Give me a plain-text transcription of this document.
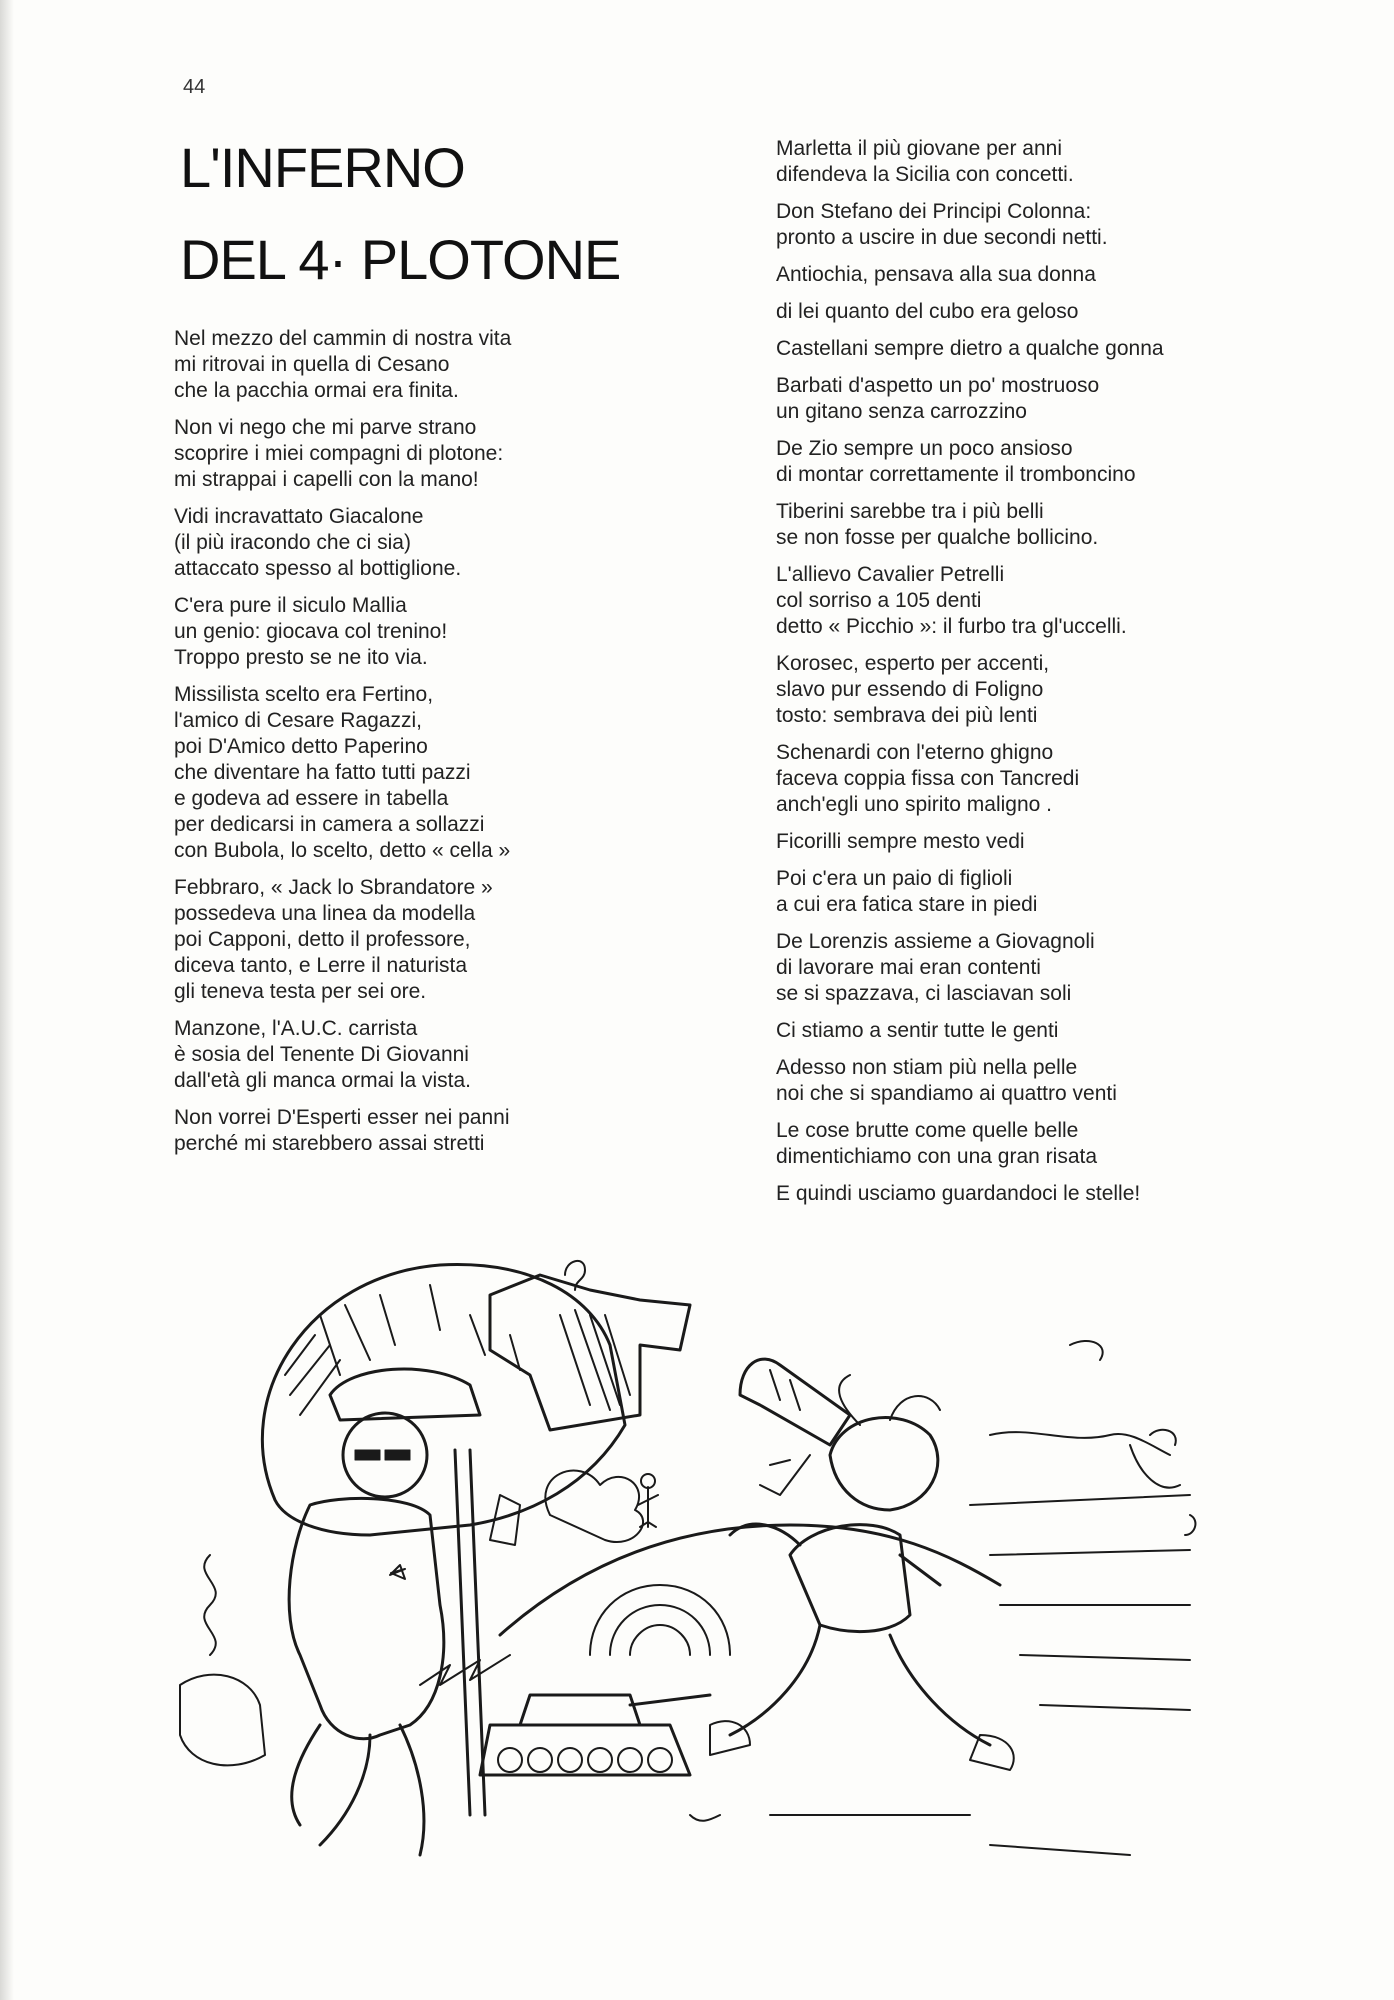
44
L'INFERNO
DEL 4· PLOTONE

Nel mezzo del cammin di nostra vita
mi ritrovai in quella di Cesano
che la pacchia ormai era finita.

Non vi nego che mi parve strano
scoprire i miei compagni di plotone:
mi strappai i capelli con la mano!

Vidi incravattato Giacalone
(il più iracondo che ci sia)
attaccato spesso al bottiglione.

C'era pure il siculo Mallia
un genio: giocava col trenino!
Troppo presto se ne ito via.

Missilista scelto era Fertino,
l'amico di Cesare Ragazzi,
poi D'Amico detto Paperino
che diventare ha fatto tutti pazzi
e godeva ad essere in tabella
per dedicarsi in camera a sollazzi
con Bubola, lo scelto, detto « cella »

Febbraro, « Jack lo Sbrandatore »
possedeva una linea da modella
poi Capponi, detto il professore,
diceva tanto, e Lerre il naturista
gli teneva testa per sei ore.

Manzone, l'A.U.C. carrista
è sosia del Tenente Di Giovanni
dall'età gli manca ormai la vista.

Non vorrei D'Esperti esser nei panni
perché mi starebbero assai stretti

Marletta il più giovane per anni
difendeva la Sicilia con concetti.

Don Stefano dei Principi Colonna:
pronto a uscire in due secondi netti.

Antiochia, pensava alla sua donna

di lei quanto del cubo era geloso

Castellani sempre dietro a qualche gonna

Barbati d'aspetto un po' mostruoso
un gitano senza carrozzino

De Zio sempre un poco ansioso
di montar correttamente il tromboncino

Tiberini sarebbe tra i più belli
se non fosse per qualche bollicino.

L'allievo Cavalier Petrelli
col sorriso a 105 denti
detto « Picchio »: il furbo tra gl'uccelli.

Korosec, esperto per accenti,
slavo pur essendo di Foligno
tosto: sembrava dei più lenti

Schenardi con l'eterno ghigno
faceva coppia fissa con Tancredi
anch'egli uno spirito maligno .

Ficorilli sempre mesto vedi

Poi c'era un paio di figlioli
a cui era fatica stare in piedi

De Lorenzis assieme a Giovagnoli
di lavorare mai eran contenti
se si spazzava, ci lasciavan soli

Ci stiamo a sentir tutte le genti

Adesso non stiam più nella pelle
noi che si spandiamo ai quattro venti

Le cose brutte come quelle belle
dimentichiamo con una gran risata

E quindi usciamo guardandoci le stelle!
